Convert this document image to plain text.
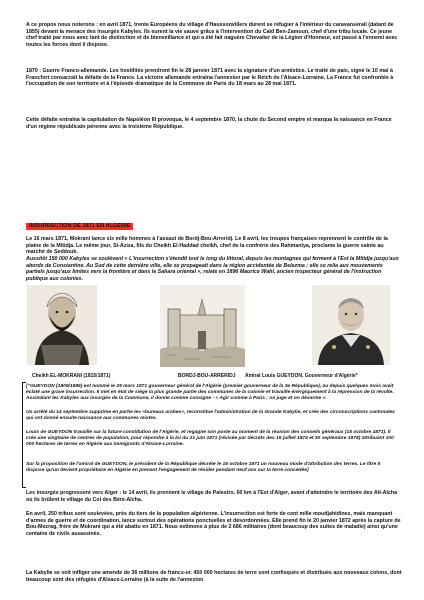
A ce propos nous noterons : en avril 1871, trente Européens du village d'Haussonvillers durent se réfugier à l'intérieur du caravansérail (datant de 1855) devant la menace des insurgés Kabyles. Ils eurent la vie sauve grâce à l'intervention du Caïd Ben-Zamoun, chef d'une tribu locale. Ce jeune chef traité par nous avec tant de distinction et de bienveillance et qui a été fait naguère Chevalier de la Légion d'Honneur, est passé à l'ennemi avec toutes les forces dont il dispose.

1870 : Guerre Franco-allemande. Les hostilités prendront fin le 28 janvier 1871 avec la signature d'un armistice. Le traité de paix, signé le 10 mai à Francfort consacrait la défaite de la France. La victoire allemande entraîna l'annexion par le Reich de l'Alsace-Lorraine. La France fut confrontée à l'occupation de son territoire et à l'épisode dramatique de la Commune de Paris du 18 mars au 28 mai 1871.

Cette défaite entraîna la capitulation de Napoléon III provoqua, le 4 septembre 1870, la chute du Second empire et marqua la naissance en France d'un régime républicain pérenne avec la troisième République.

INSURRECTION DE 1871 EN ALGERIE

Le 16 mars 1871, Mokrani lance six mille hommes à l'assaut de Bordj-Bou-Arreridj. Le 8 avril, les troupes françaises reprennent le contrôle de la plaine de la Mitidja. Le même jour, Si-Aziza, fils du Cheikh El-Haddad cheikh, chef de la confrérie des Rahmaniya, proclame la guerre sainte au marché de Seddouk.

Aussitôt 150 000 Kabyles se soulèvent « L'insurrection s'étendit tout le long du littoral, depuis les montagnes qui ferment à l'Est la Mitidja jusqu'aux abords de Constantine. Au Sud de cette dernière ville, elle se propageait dans la région accidentée de Belezma ; elle se relia aux mouvements partiels jusqu'aux limites vers la frontière et dans le Sahara oriental », relate en 1896 Maurice Wahl, ancien inspecteur général de l'instruction publique aux colonies.

Cheikh EL-MOKRANI (1815/1871)	BORDJ-BOU-ARRERIDJ Amiral Louis GUEYDON, Gouverneur d'Algérie*

["GUEYDON (1809/1886) est nommé le 29 mars 1871 gouverneur général de l'Algérie (premier gouverneur de la 3e République), au depuis quelques mois avait éclaté une grave insurrection. Il met en état de siège la plus grande partie des communes de la colonie et travaille énergiquement à la répression de la révolte. Assimilant les Kabyles aux insurgés de la Commune, il donne comme consigne : « Agir comme à Paris ; on juge et on désarme ».

Un arrêté du 14 septembre supprime en partie les «bureaux arabes», reconstitue l'administration de la Grande Kabylie, et crée des circonscriptions cantonales qui ont donné ensuite naissance aux communes mixtes.

Louis de GUEYDON travaille sur la future constitution de l'Algérie, et regagne son poste au moment de la réunion des conseils généraux (15 octobre 1871). Il crée une vingtaine de centres de population, pour répondre à la loi du 21 juin 1871 (révisée par décrets des 15 juillet 1874 et 30 septembre 1878) attribuant 100 000 hectares de terres en Algérie aux immigrants d'Alsace-Lorraine.

Sur la proposition de l'amiral de GUEYDON, le président de la République décrète le 16 octobre 1871 un nouveau mode d'attribution des terres. Le titre II dispose qu'un devient propriétaire en Algérie en prenant l'engagement de résider pendant neuf ans sur la terre concédée]

Les insurgés progressent vers Alger : le 14 avril, ils prennent le village de Palestro, 60 km à l'Est d'Alger, avant d'atteindre le territoire des Aït-Aïcha où ils brûlent le village du Col des Béni-Aïcha.

En avril, 250 tribus sont soulevées, près du tiers de la population algérienne. L'insurrection est forte de cent mille moudjahidines, mais manquant d'armes de guerre et de coordination, lance surtout des opérations ponctuelles et désordonnées. Elle prend fin le 20 janvier 1872 après la capture de Bou-Mezrag, frère de Mokrani qui a été abattu en 1871. Nous estimons à plus de 2 686 militaires (dont beaucoup des suites de maladie) ainsi qu'une centaine de civils assassinés.

La Kabylie se voit infliger une amende de 36 millions de francs-or. 450 000 hectares de terre sont confisqués et distribués aux nouveaux colons, dont beaucoup sont des réfugiés d'Alsace-Lorraine (à la suite de l'annexion
